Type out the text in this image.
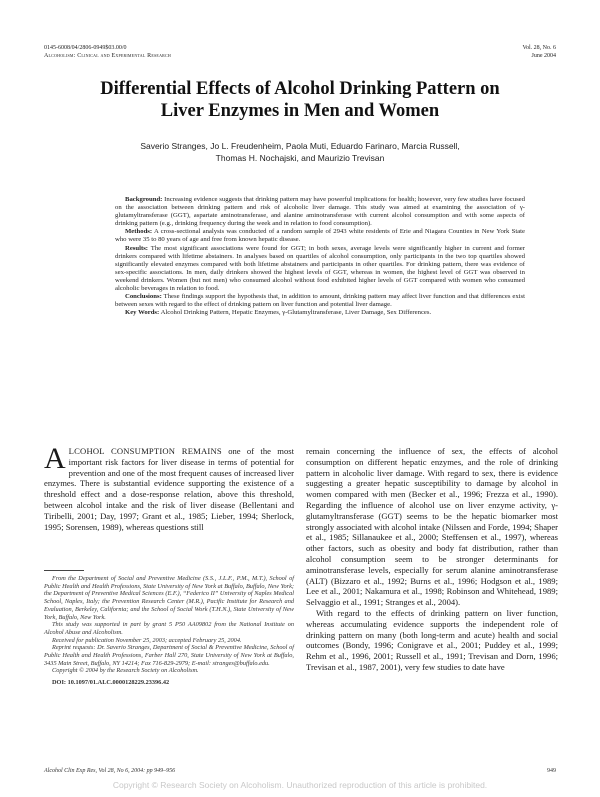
0145-6008/04/2806-0949$03.00/0
Alcoholism: Clinical and Experimental Research
Vol. 28, No. 6
June 2004
Differential Effects of Alcohol Drinking Pattern on
Liver Enzymes in Men and Women
Saverio Stranges, Jo L. Freudenheim, Paola Muti, Eduardo Farinaro, Marcia Russell,
Thomas H. Nochajski, and Maurizio Trevisan

Background: Increasing evidence suggests that drinking pattern may have powerful implications for health; however, very few studies have focused on the association between drinking pattern and risk of alcoholic liver damage. This study was aimed at examining the association of γ-glutamyltransferase (GGT), aspartate aminotransferase, and alanine aminotransferase with current alcohol consumption and with some aspects of drinking pattern (e.g., drinking frequency during the week and in relation to food consumption).

Methods: A cross-sectional analysis was conducted of a random sample of 2943 white residents of Erie and Niagara Counties in New York State who were 35 to 80 years of age and free from known hepatic disease.

Results: The most significant associations were found for GGT; in both sexes, average levels were significantly higher in current and former drinkers compared with lifetime abstainers. In analyses based on quartiles of alcohol consumption, only participants in the two top quartiles showed significantly elevated enzymes compared with both lifetime abstainers and participants in other quartiles. For drinking pattern, there was evidence of sex-specific associations. In men, daily drinkers showed the highest levels of GGT, whereas in women, the highest level of GGT was observed in weekend drinkers. Women (but not men) who consumed alcohol without food exhibited higher levels of GGT compared with women who consumed alcoholic beverages in relation to food.

Conclusions: These findings support the hypothesis that, in addition to amount, drinking pattern may affect liver function and that differences exist between sexes with regard to the effect of drinking pattern on liver function and potential liver damage.

Key Words: Alcohol Drinking Pattern, Hepatic Enzymes, γ-Glutamyltransferase, Liver Damage, Sex Differences.

ALCOHOL CONSUMPTION REMAINS one of the most important risk factors for liver disease in terms of potential for prevention and one of the most frequent causes of increased liver enzymes. There is substantial evidence supporting the existence of a threshold effect and a dose-response relation, above this threshold, between alcohol intake and the risk of liver disease (Bellentani and Tiribelli, 2001; Day, 1997; Grant et al., 1985; Lieber, 1994; Sherlock, 1995; Sorensen, 1989), whereas questions still

From the Department of Social and Preventive Medicine (S.S., J.L.F., P.M., M.T.), School of Public Health and Health Professions, State University of New York at Buffalo, Buffalo, New York; the Department of Preventive Medical Sciences (E.F.), “Federico II” University of Naples Medical School, Naples, Italy; the Prevention Research Center (M.R.), Pacific Institute for Research and Evaluation, Berkeley, California; and the School of Social Work (T.H.N.), State University of New York, Buffalo, New York.

This study was supported in part by grant 5 P50 AA09802 from the National Institute on Alcohol Abuse and Alcoholism.

Received for publication November 25, 2003; accepted February 25, 2004.

Reprint requests: Dr. Saverio Stranges, Department of Social & Preventive Medicine, School of Public Health and Health Professions, Farber Hall 270, State University of New York at Buffalo, 3435 Main Street, Buffalo, NY 14214; Fax 716-829-2979; E-mail: stranges@buffalo.edu.

Copyright © 2004 by the Research Society on Alcoholism.

DOI: 10.1097/01.ALC.0000128229.23396.42

remain concerning the influence of sex, the effects of alcohol consumption on different hepatic enzymes, and the role of drinking pattern in alcoholic liver damage. With regard to sex, there is evidence suggesting a greater hepatic susceptibility to damage by alcohol in women compared with men (Becker et al., 1996; Frezza et al., 1990). Regarding the influence of alcohol use on liver enzyme activity, γ-glutamyltransferase (GGT) seems to be the hepatic biomarker most strongly associated with alcohol intake (Nilssen and Forde, 1994; Shaper et al., 1985; Sillanaukee et al., 2000; Steffensen et al., 1997), whereas other factors, such as obesity and body fat distribution, rather than alcohol consumption seem to be stronger determinants for aminotransferase levels, especially for serum alanine aminotransferase (ALT) (Bizzaro et al., 1992; Burns et al., 1996; Hodgson et al., 1989; Lee et al., 2001; Nakamura et al., 1998; Robinson and Whitehead, 1989; Selvaggio et al., 1991; Stranges et al., 2004).

With regard to the effects of drinking pattern on liver function, whereas accumulating evidence supports the independent role of drinking pattern on many (both long-term and acute) health and social outcomes (Bondy, 1996; Conigrave et al., 2001; Puddey et al., 1999; Rehm et al., 1996, 2001; Russell et al., 1991; Trevisan and Dorn, 1996; Trevisan et al., 1987, 2001), very few studies to date have

Alcohol Clin Exp Res, Vol 28, No 6, 2004: pp 949–956	949
Copyright © Research Society on Alcoholism. Unauthorized reproduction of this article is prohibited.
